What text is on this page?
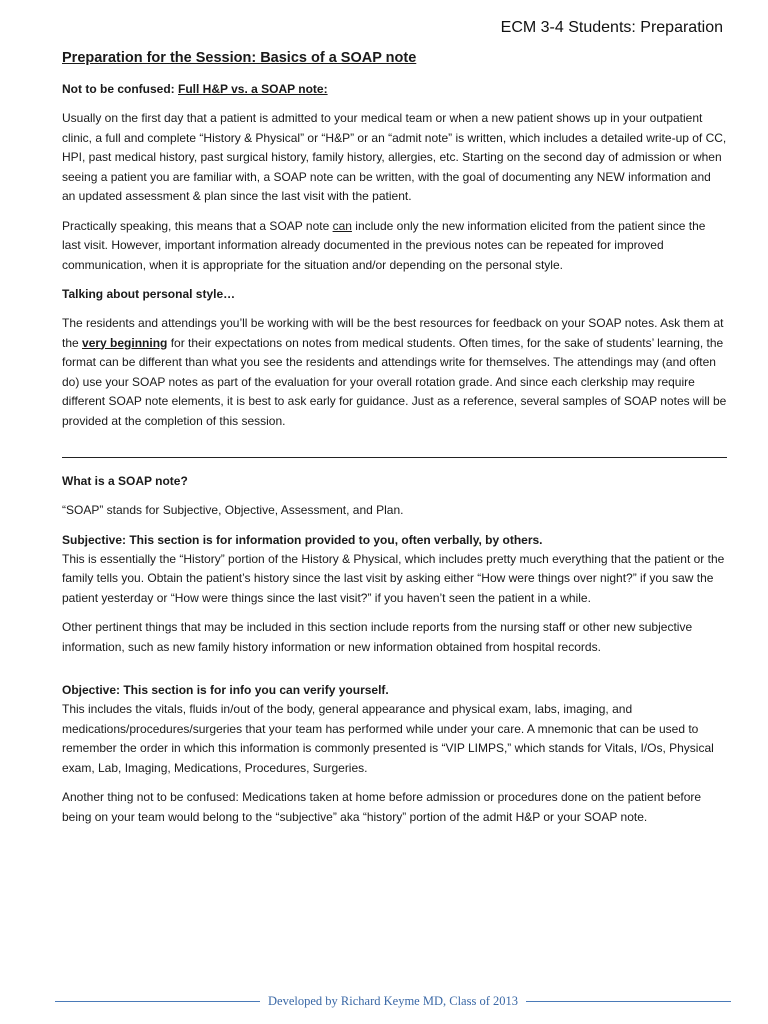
ECM 3-4 Students: Preparation
Preparation for the Session: Basics of a SOAP note
Not to be confused: Full H&P vs. a SOAP note:

Usually on the first day that a patient is admitted to your medical team or when a new patient shows up in your outpatient clinic, a full and complete “History & Physical” or “H&P” or an “admit note” is written, which includes a detailed write-up of CC, HPI, past medical history, past surgical history, family history, allergies, etc. Starting on the second day of admission or when seeing a patient you are familiar with, a SOAP note can be written, with the goal of documenting any NEW information and an updated assessment & plan since the last visit with the patient.

Practically speaking, this means that a SOAP note can include only the new information elicited from the patient since the last visit. However, important information already documented in the previous notes can be repeated for improved communication, when it is appropriate for the situation and/or depending on the personal style.

Talking about personal style…

The residents and attendings you’ll be working with will be the best resources for feedback on your SOAP notes. Ask them at the very beginning for their expectations on notes from medical students. Often times, for the sake of students’ learning, the format can be different than what you see the residents and attendings write for themselves. The attendings may (and often do) use your SOAP notes as part of the evaluation for your overall rotation grade. And since each clerkship may require different SOAP note elements, it is best to ask early for guidance. Just as a reference, several samples of SOAP notes will be provided at the completion of this session.

What is a SOAP note?

“SOAP” stands for Subjective, Objective, Assessment, and Plan.

Subjective: This section is for information provided to you, often verbally, by others.

This is essentially the “History” portion of the History & Physical, which includes pretty much everything that the patient or the family tells you. Obtain the patient’s history since the last visit by asking either “How were things over night?” if you saw the patient yesterday or “How were things since the last visit?” if you haven’t seen the patient in a while.

Other pertinent things that may be included in this section include reports from the nursing staff or other new subjective information, such as new family history information or new information obtained from hospital records.

Objective: This section is for info you can verify yourself.

This includes the vitals, fluids in/out of the body, general appearance and physical exam, labs, imaging, and medications/procedures/surgeries that your team has performed while under your care. A mnemonic that can be used to remember the order in which this information is commonly presented is “VIP LIMPS,” which stands for Vitals, I/Os, Physical exam, Lab, Imaging, Medications, Procedures, Surgeries.

Another thing not to be confused: Medications taken at home before admission or procedures done on the patient before being on your team would belong to the “subjective” aka “history” portion of the admit H&P or your SOAP note.

Developed by Richard Keyme MD, Class of 2013
